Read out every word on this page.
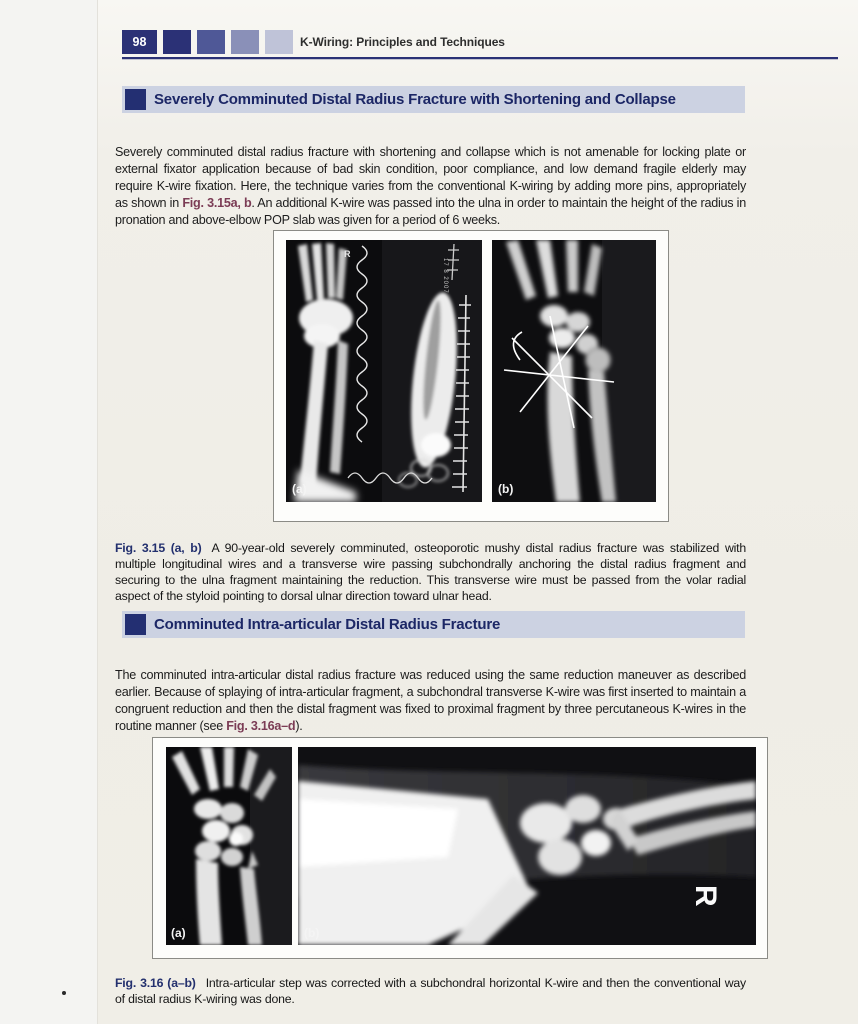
98	K-Wiring: Principles and Techniques
Severely Comminuted Distal Radius Fracture with Shortening and Collapse

Severely comminuted distal radius fracture with shortening and collapse which is not amenable for locking plate or external fixator application because of bad skin condition, poor compliance, and low demand fragile elderly may require K-wire fixation. Here, the technique varies from the conventional K-wiring by adding more pins, appropriately as shown in Fig. 3.15a, b. An additional K-wire was passed into the ulna in order to maintain the height of the radius in pronation and above-elbow POP slab was given for a period of 6 weeks.

R
17 8 2007
(a)	(b)

Fig. 3.15 (a, b) A 90-year-old severely comminuted, osteoporotic mushy distal radius fracture was stabilized with multiple longitudinal wires and a transverse wire passing subchondrally anchoring the distal radius fragment and securing to the ulna fragment maintaining the reduction. This transverse wire must be passed from the volar radial aspect of the styloid pointing to dorsal ulnar direction toward ulnar head.

Comminuted Intra-articular Distal Radius Fracture

The comminuted intra-articular distal radius fracture was reduced using the same reduction maneuver as described earlier. Because of splaying of intra-articular fragment, a subchondral transverse K-wire was first inserted to maintain a congruent reduction and then the distal fragment was fixed to proximal fragment by three percutaneous K-wires in the routine manner (see Fig. 3.16a–d).

(a)
R
(b)

Fig. 3.16 (a–b) Intra-articular step was corrected with a subchondral horizontal K-wire and then the conventional way of distal radius K-wiring was done.
